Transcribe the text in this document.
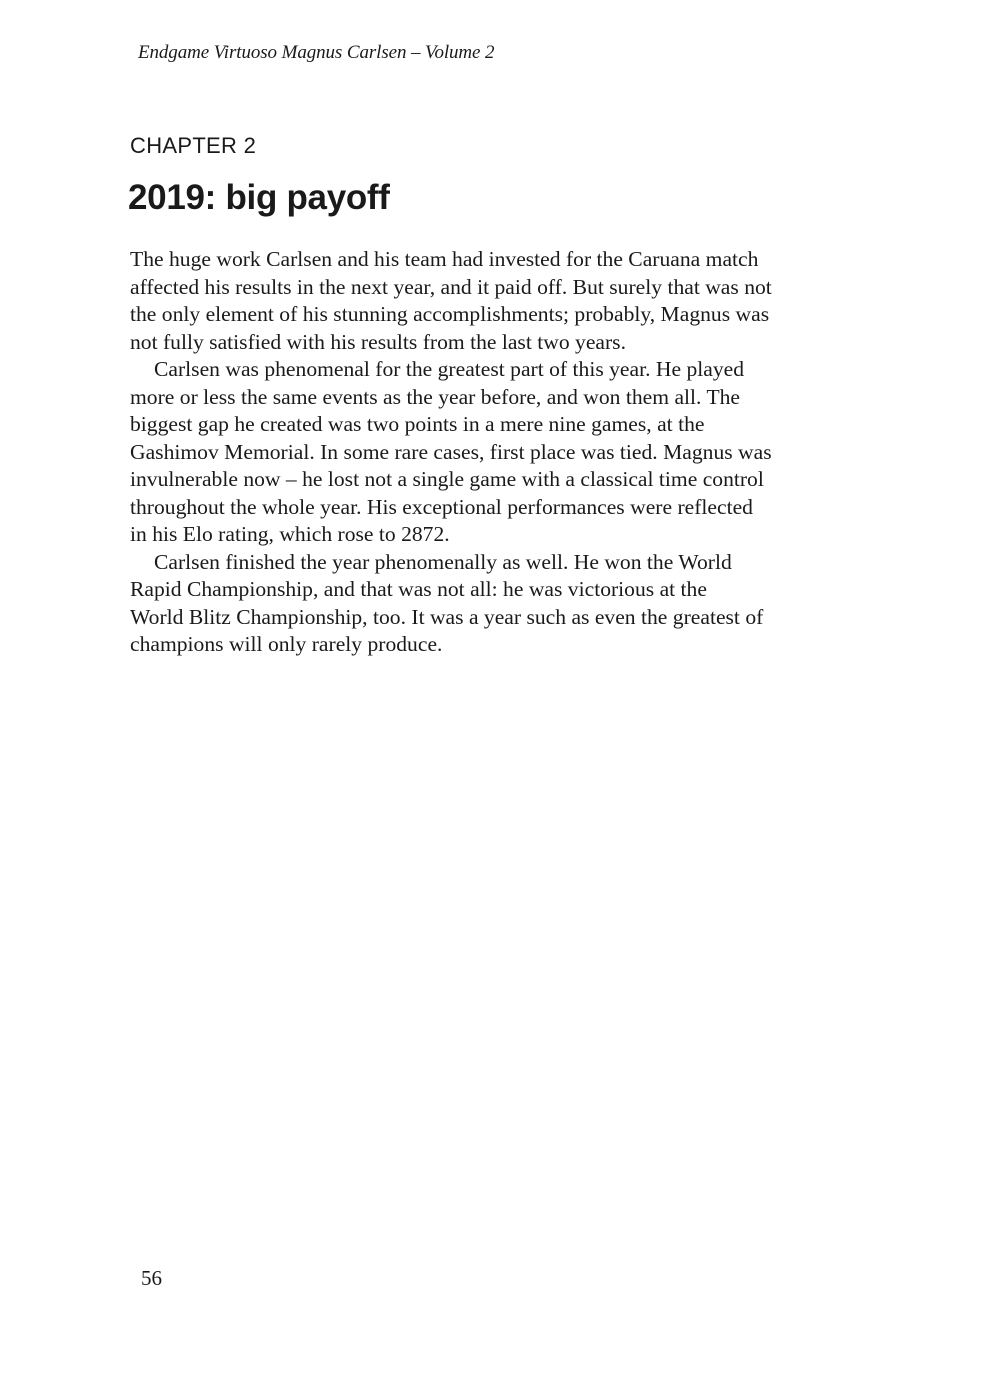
Endgame Virtuoso Magnus Carlsen – Volume 2
CHAPTER 2
2019: big payoff
The huge work Carlsen and his team had invested for the Caruana match
affected his results in the next year, and it paid off. But surely that was not
the only element of his stunning accomplishments; probably, Magnus was
not fully satisfied with his results from the last two years.
Carlsen was phenomenal for the greatest part of this year. He played
more or less the same events as the year before, and won them all. The
biggest gap he created was two points in a mere nine games, at the
Gashimov Memorial. In some rare cases, first place was tied. Magnus was
invulnerable now – he lost not a single game with a classical time control
throughout the whole year. His exceptional performances were reflected
in his Elo rating, which rose to 2872.
Carlsen finished the year phenomenally as well. He won the World
Rapid Championship, and that was not all: he was victorious at the
World Blitz Championship, too. It was a year such as even the greatest of
champions will only rarely produce.
56
